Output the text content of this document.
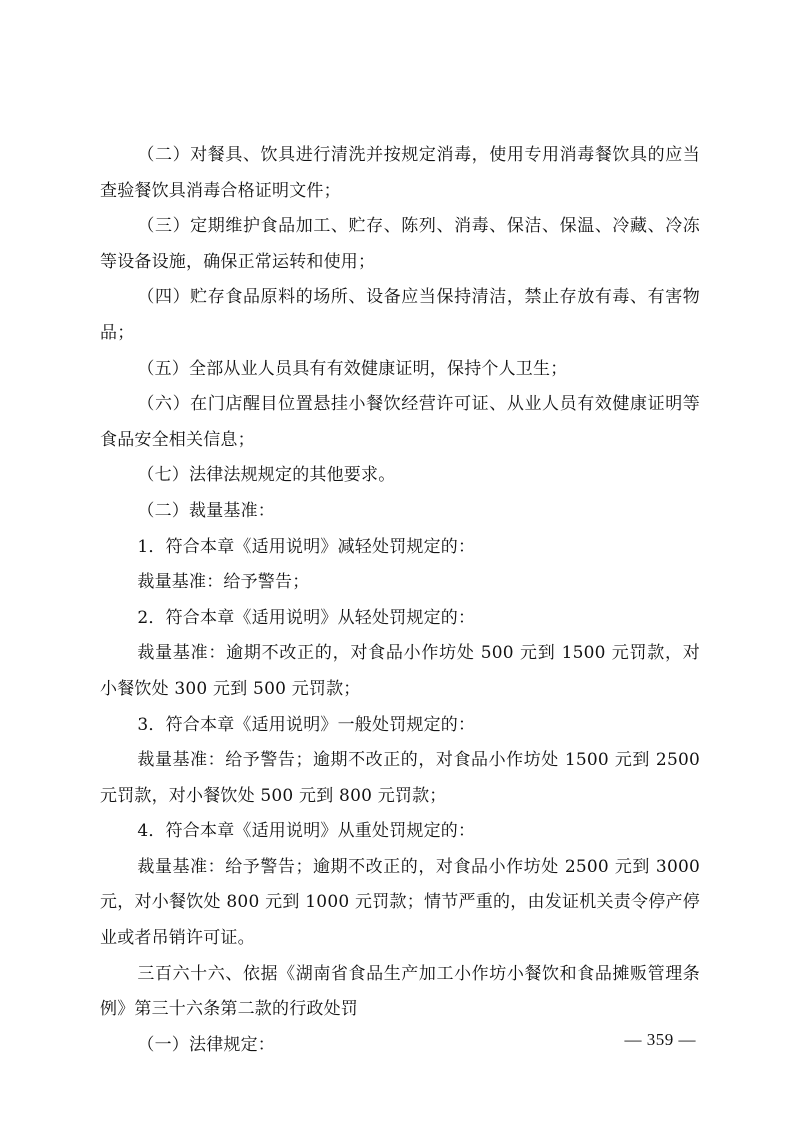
（二）对餐具、饮具进行清洗并按规定消毒，使用专用消毒餐饮具的应当查验餐饮具消毒合格证明文件；

（三）定期维护食品加工、贮存、陈列、消毒、保洁、保温、冷藏、冷冻等设备设施，确保正常运转和使用；

（四）贮存食品原料的场所、设备应当保持清洁，禁止存放有毒、有害物品；

（五）全部从业人员具有有效健康证明，保持个人卫生；

（六）在门店醒目位置悬挂小餐饮经营许可证、从业人员有效健康证明等食品安全相关信息；

（七）法律法规规定的其他要求。

（二）裁量基准：

1．符合本章《适用说明》减轻处罚规定的：

裁量基准：给予警告；

2．符合本章《适用说明》从轻处罚规定的：

裁量基准：逾期不改正的，对食品小作坊处 500 元到 1500 元罚款，对小餐饮处 300 元到 500 元罚款；

3．符合本章《适用说明》一般处罚规定的：

裁量基准：给予警告；逾期不改正的，对食品小作坊处 1500 元到 2500 元罚款，对小餐饮处 500 元到 800 元罚款；

4．符合本章《适用说明》从重处罚规定的：

裁量基准：给予警告；逾期不改正的，对食品小作坊处 2500 元到 3000 元，对小餐饮处 800 元到 1000 元罚款；情节严重的，由发证机关责令停产停业或者吊销许可证。

三百六十六、依据《湖南省食品生产加工小作坊小餐饮和食品摊贩管理条例》第三十六条第二款的行政处罚

（一）法律规定：	— 359 —
